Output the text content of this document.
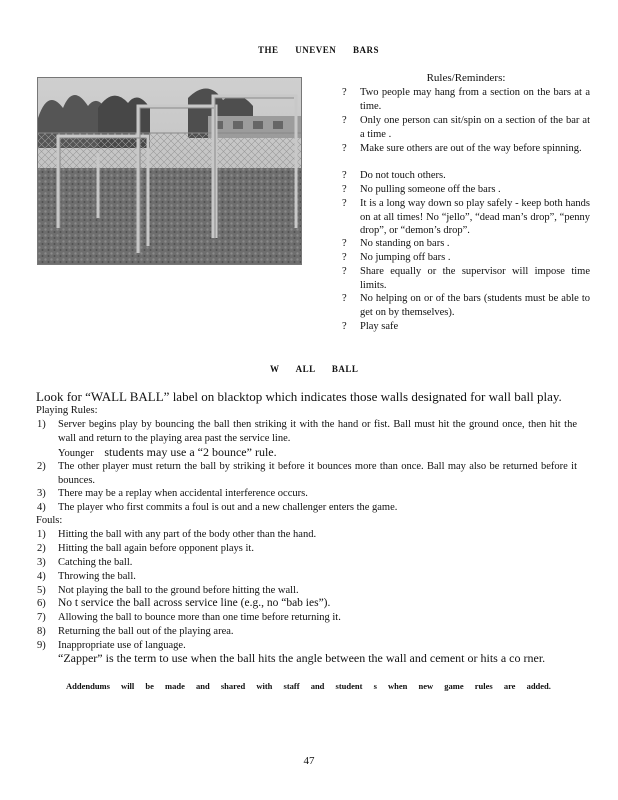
THE UNEVEN BARS
Rules/Reminders:
?	Two people may hang from a section on the bars at a time.
?	Only one person can sit/spin on a section of the bar at a time .
?	Make sure others are out of the way before spinning.
?	Do not touch others.
?	No pulling someone off the bars .
?	It is a long way down so play safely - keep both hands on at all times! No “jello”, “dead man’s drop”, “penny drop”, or “demon’s drop”.
?	No standing on bars .
?	No jumping off bars .
?	Share equally or the supervisor will impose time limits.
?	No helping on or of the bars (students must be able to get on by themselves).
?	Play safe
W ALL BALL
Look for “WALL BALL” label on blacktop which indicates those walls designated for wall ball play.
Playing Rules:
1)	Server begins play by bouncing the ball then striking it with the hand or fist. Ball must hit the ground once, then hit the wall and return to the playing area past the service line.
Younger students may use a “2 bounce” rule.
2)	The other player must return the ball by striking it before it bounces more than once. Ball may also be returned before it bounces.
3)	There may be a replay when accidental interference occurs.
4)	The player who first commits a foul is out and a new challenger enters the game.
Fouls:
1)	Hitting the ball with any part of the body other than the hand.
2)	Hitting the ball again before opponent plays it.
3)	Catching the ball.
4)	Throwing the ball.
5)	Not playing the ball to the ground before hitting the wall.
6)	No t service the ball across service line (e.g., no “bab ies”).
7)	Allowing the ball to bounce more than one time before returning it.
8)	Returning the ball out of the playing area.
9)	Inappropriate use of language.
“Zapper” is the term to use when the ball hits the angle between the wall and cement or hits a co rner.
Addendums will be made and shared with staff and student s when new game rules are added.
47
